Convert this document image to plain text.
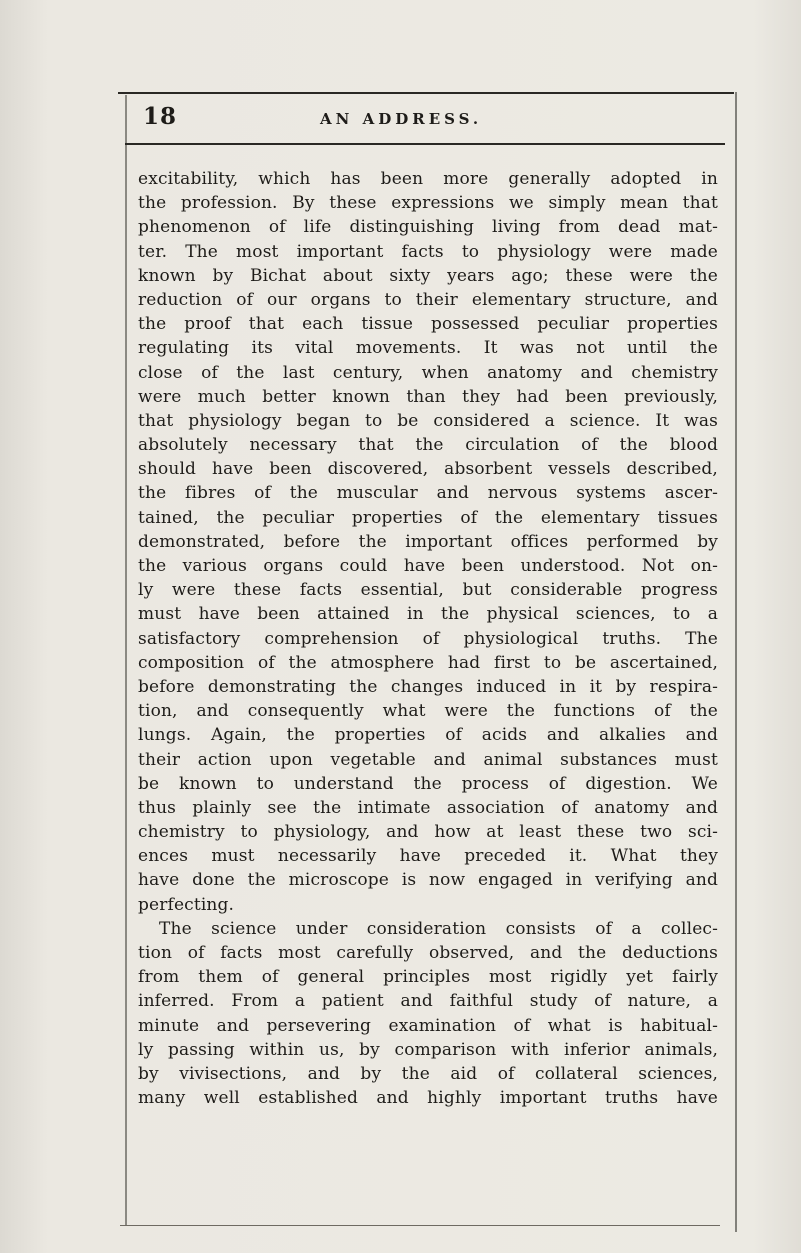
18	AN ADDRESS.
excitability, which has been more generally adopted in
the profession. By these expressions we simply mean that
phenomenon of life distinguishing living from dead mat-
ter. The most important facts to physiology were made
known by Bichat about sixty years ago; these were the
reduction of our organs to their elementary structure, and
the proof that each tissue possessed peculiar properties
regulating its vital movements. It was not until the
close of the last century, when anatomy and chemistry
were much better known than they had been previously,
that physiology began to be considered a science. It was
absolutely necessary that the circulation of the blood
should have been discovered, absorbent vessels described,
the fibres of the muscular and nervous systems ascer-
tained, the peculiar properties of the elementary tissues
demonstrated, before the important offices performed by
the various organs could have been understood. Not on-
ly were these facts essential, but considerable progress
must have been attained in the physical sciences, to a
satisfactory comprehension of physiological truths. The
composition of the atmosphere had first to be ascertained,
before demonstrating the changes induced in it by respira-
tion, and consequently what were the functions of the
lungs. Again, the properties of acids and alkalies and
their action upon vegetable and animal substances must
be known to understand the process of digestion. We
thus plainly see the intimate association of anatomy and
chemistry to physiology, and how at least these two sci-
ences must necessarily have preceded it. What they
have done the microscope is now engaged in verifying and
perfecting.
The science under consideration consists of a collec-
tion of facts most carefully observed, and the deductions
from them of general principles most rigidly yet fairly
inferred. From a patient and faithful study of nature, a
minute and persevering examination of what is habitual-
ly passing within us, by comparison with inferior animals,
by vivisections, and by the aid of collateral sciences,
many well established and highly important truths have
